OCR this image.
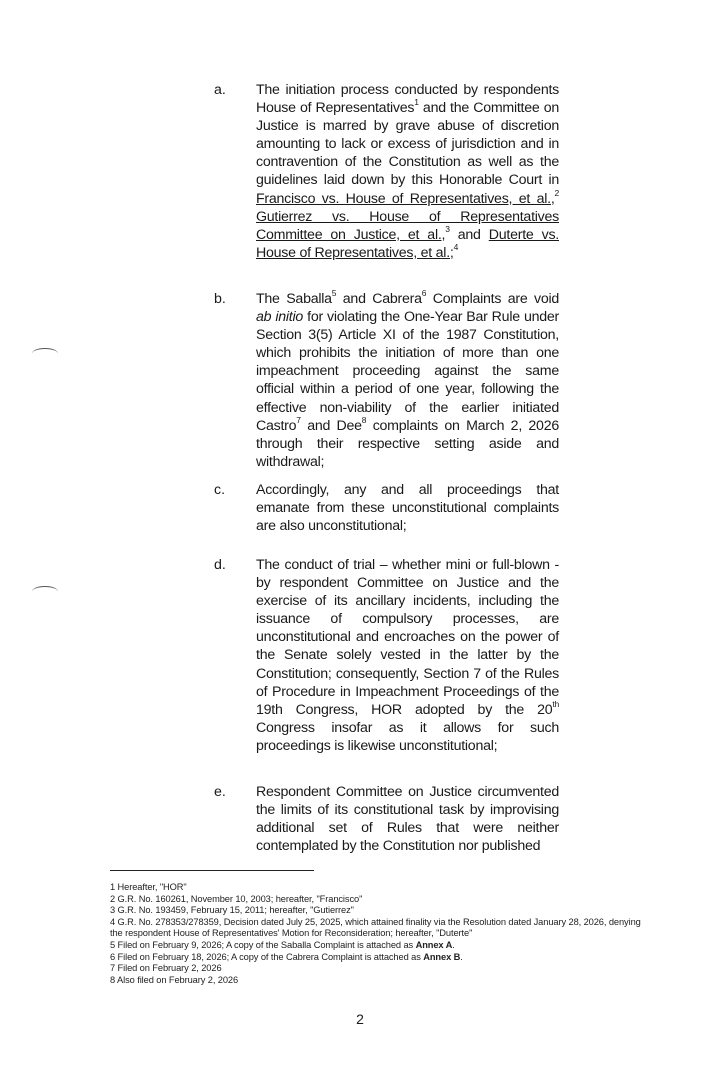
a.	The initiation process conducted by respondents House of Representatives$^1$ and the Committee on Justice is marred by grave abuse of discretion amounting to lack or excess of jurisdiction and in contravention of the Constitution as well as the guidelines laid down by this Honorable Court in Francisco vs. House of Representatives, et al.,$^2$ Gutierrez vs. House of Representatives Committee on Justice, et al.,$^3$ and Duterte vs. House of Representatives, et al.;$^4$
b.	The Saballa$^5$ and Cabrera$^6$ Complaints are void ab initio for violating the One-Year Bar Rule under Section 3(5) Article XI of the 1987 Constitution, which prohibits the initiation of more than one impeachment proceeding against the same official within a period of one year, following the effective non-viability of the earlier initiated Castro$^7$ and Dee$^8$ complaints on March 2, 2026 through their respective setting aside and withdrawal;
c.	Accordingly, any and all proceedings that emanate from these unconstitutional complaints are also unconstitutional;
d.	The conduct of trial – whether mini or full-blown - by respondent Committee on Justice and the exercise of its ancillary incidents, including the issuance of compulsory processes, are unconstitutional and encroaches on the power of the Senate solely vested in the latter by the Constitution; consequently, Section 7 of the Rules of Procedure in Impeachment Proceedings of the 19th Congress, HOR adopted by the 20th Congress insofar as it allows for such proceedings is likewise unconstitutional;
e.	Respondent Committee on Justice circumvented the limits of its constitutional task by improvising additional set of Rules that were neither contemplated by the Constitution nor published

1 Hereafter, "HOR"

2 G.R. No. 160261, November 10, 2003; hereafter, "Francisco"

3 G.R. No. 193459, February 15, 2011; hereafter, "Gutierrez"

4 G.R. No. 278353/278359, Decision dated July 25, 2025, which attained finality via the Resolution dated January 28, 2026, denying the respondent House of Representatives' Motion for Reconsideration; hereafter, "Duterte"

5 Filed on February 9, 2026; A copy of the Saballa Complaint is attached as Annex A.

6 Filed on February 18, 2026; A copy of the Cabrera Complaint is attached as Annex B.

7 Filed on February 2, 2026

8 Also filed on February 2, 2026

2
